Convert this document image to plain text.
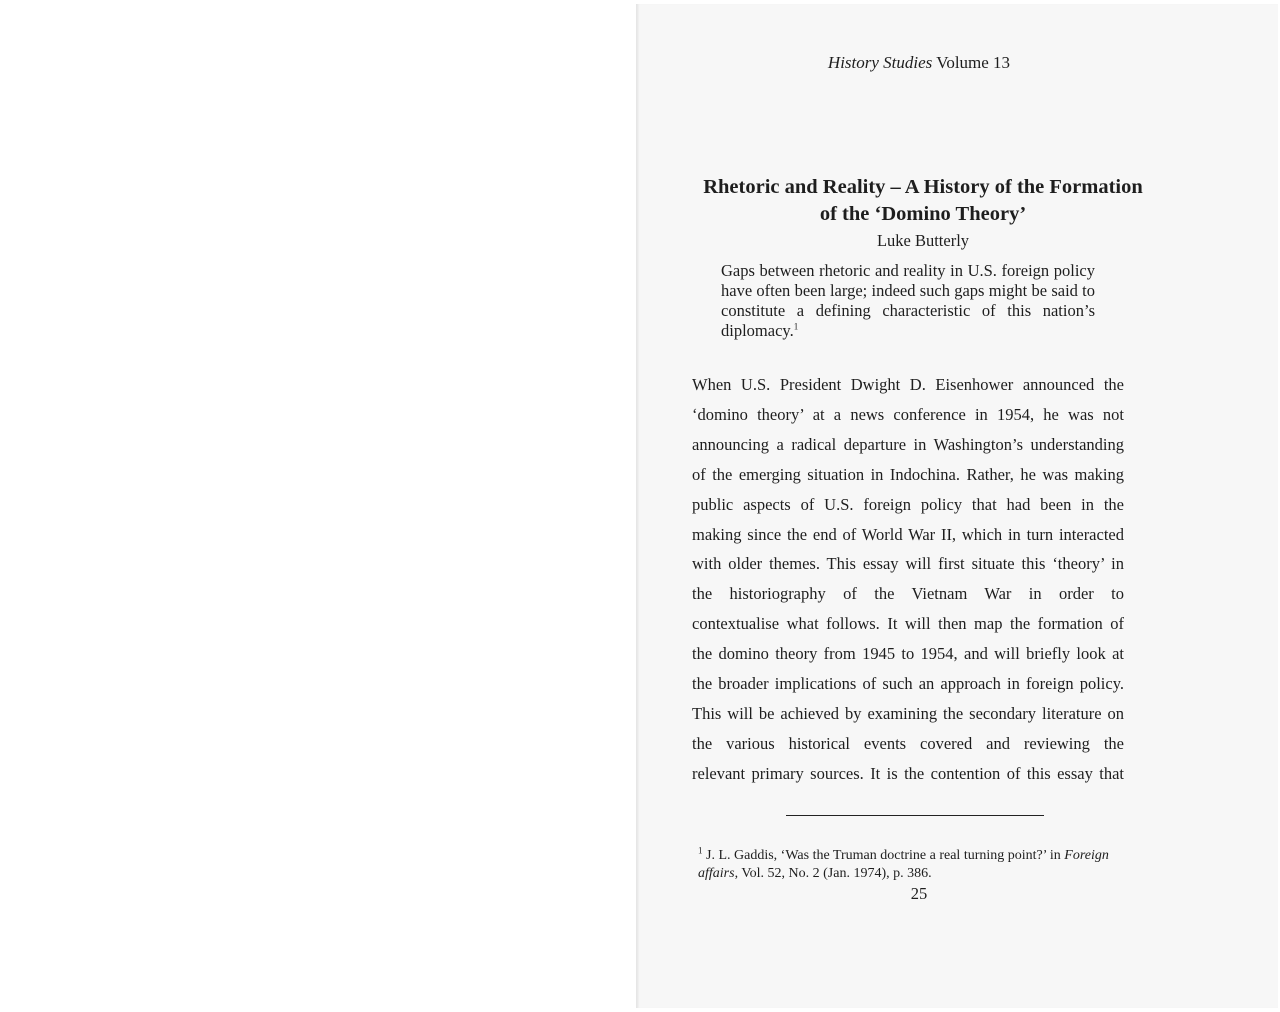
History Studies Volume 13
Rhetoric and Reality – A History of the Formation
of the ‘Domino Theory’
Luke Butterly
Gaps between rhetoric and reality in U.S. foreign policy have often been large; indeed such gaps might be said to constitute a defining characteristic of this nation’s diplomacy.$^1$
When U.S. President Dwight D. Eisenhower announced the
‘domino theory’ at a news conference in 1954, he was not
announcing a radical departure in Washington’s understanding
of the emerging situation in Indochina. Rather, he was making
public aspects of U.S. foreign policy that had been in the
making since the end of World War II, which in turn interacted
with older themes. This essay will first situate this ‘theory’ in
the historiography of the Vietnam War in order to
contextualise what follows. It will then map the formation of
the domino theory from 1945 to 1954, and will briefly look at
the broader implications of such an approach in foreign policy.
This will be achieved by examining the secondary literature on
the various historical events covered and reviewing the
relevant primary sources. It is the contention of this essay that
$^1$ J. L. Gaddis, ‘Was the Truman doctrine a real turning point?’ in Foreign affairs, Vol. 52, No. 2 (Jan. 1974), p. 386.
25
